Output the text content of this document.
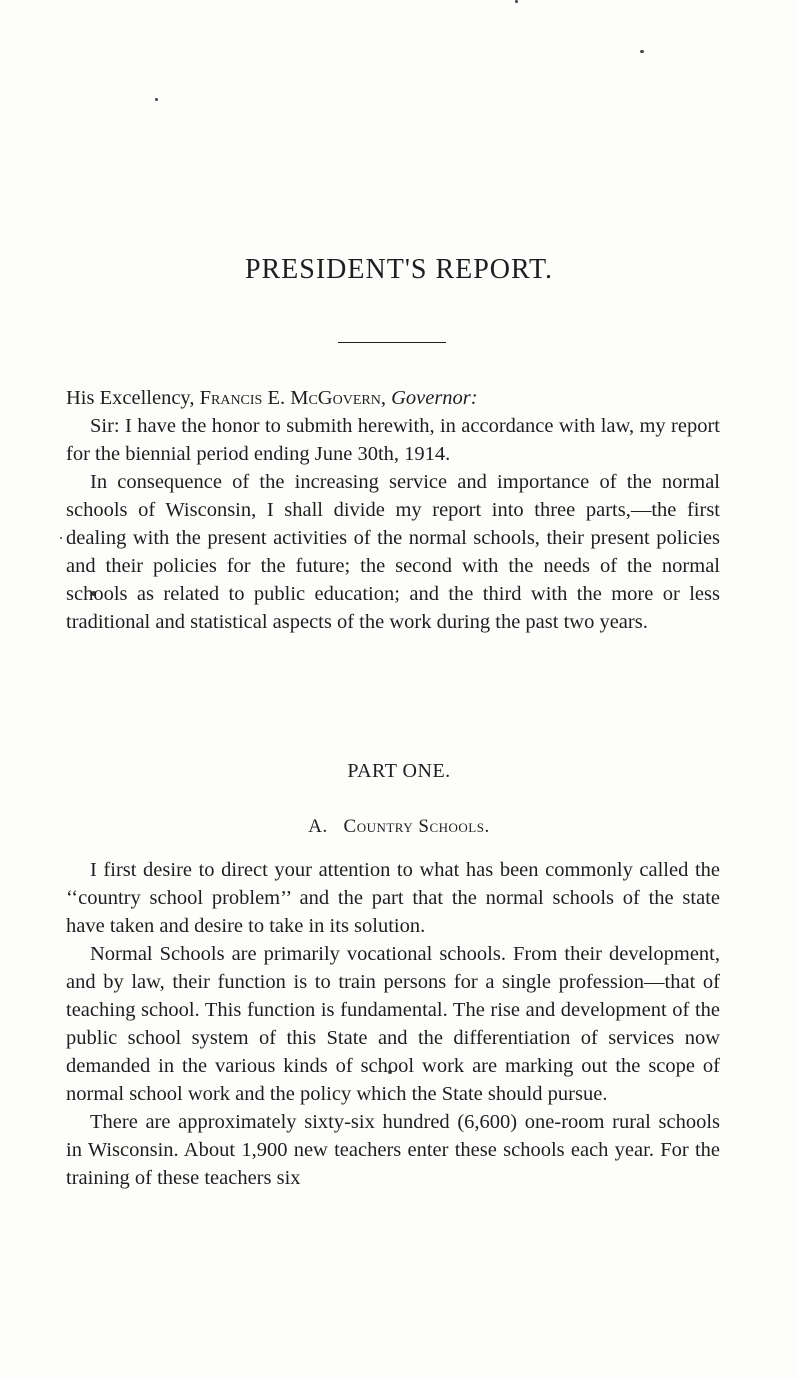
PRESIDENT'S REPORT.

His Excellency, Francis E. McGovern, Governor:

Sir: I have the honor to submith herewith, in accordance with law, my report for the biennial period ending June 30th, 1914.

In consequence of the increasing service and importance of the normal schools of Wisconsin, I shall divide my report into three parts,—the first dealing with the present activities of the normal schools, their present policies and their policies for the future; the second with the needs of the normal schools as related to public education; and the third with the more or less traditional and statistical aspects of the work during the past two years.

PART ONE.
A. Country Schools.

I first desire to direct your attention to what has been commonly called the ‘‘country school problem’’ and the part that the normal schools of the state have taken and desire to take in its solution.

Normal Schools are primarily vocational schools. From their development, and by law, their function is to train persons for a single profession—that of teaching school. This function is fundamental. The rise and development of the public school system of this State and the differentiation of services now demanded in the various kinds of school work are marking out the scope of normal school work and the policy which the State should pursue.

There are approximately sixty-six hundred (6,600) one-room rural schools in Wisconsin. About 1,900 new teachers enter these schools each year. For the training of these teachers six
